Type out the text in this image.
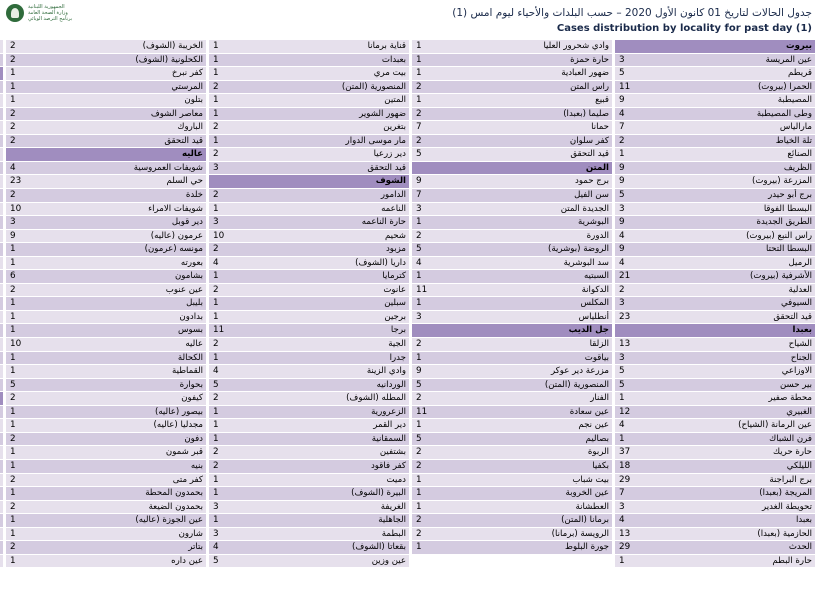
الجمهورية اللبنانية
وزارة الصحة العامة
برنامج الترصد الوبائي	جدول الحالات لتاريخ 01 كانون الأول 2020 – حسب البلدات والأحياء ليوم امس (1)
Cases distribution by locality for past day (1)
بيروت
عين المريسة
3
قريطم
5
الحمرا (بيروت)
11
المصيطبة
9
وطى المصيطبة
4
مارالياس
7
تلة الخياط
2
الصنائع
1
الظريف
9
المزرعة (بيروت)
9
برج أبو حيدر
5
البسطا الفوقا
3
الطريق الجديدة
9
راس النبع (بيروت)
4
البسطا التحتا
9
الرميل
4
الأشرفية (بيروت)
21
العدلية
2
السيوفي
3
قيد التحقق
23
بعبدا
الشياح
13
الجناح
3
الاوزاعي
5
بير حسن
5
محطة صفير
1
الغبيري
12
عين الرمانة (الشياح)
4
فرن الشباك
1
حارة حريك
37
الليلكي
18
برج البراجنة
29
المريجة (بعبدا)
7
تحويطة الغدير
3
بعبدا
4
الحازمية (بعبدا)
13
الحدث
29
حارة البطم
1
وادي شحرور العليا
1
حارة حمزة
1
ضهور العبادية
1
راس المتن
2
قبيع
1
صليما (بعبدا)
2
حمانا
7
كفر سلوان
2
قيد التحقق
5
المتن
برج حمود
9
سن الفيل
7
الجديدة المتن
3
البوشرية
1
الدورة
2
الروضة (بوشرية)
5
سد البوشرية
4
السبتيه
1
الدكوانة
11
المكلس
1
أنطلياس
3
جل الديب
الزلقا
2
بياقوت
1
مزرعة دير عوكر
9
المنصورية (المتن)
5
الفنار
2
عين سعادة
11
عين نجم
1
بصاليم
5
الربوة
2
بكفيا
2
بيت شباب
1
عين الخروبة
1
العطشانة
1
برمانا (المتن)
2
الرويسة (برمانا)
2
جورة البلوط
1
قناية برمانا
1
بعبدات
1
بيت مري
1
المنصورية (المتن)
2
المتين
1
ضهور الشوير
1
بتغرين
2
مار موسى الدوار
1
دير زرعيا
2
قيد التحقق
3
الشوف
الدامور
2
الناعمه
1
حارة الناعمه
3
شحيم
10
مزبود
2
داريا (الشوف)
4
كترمايا
1
عانوت
2
سبلين
1
برجين
1
برجا
11
الجية
2
جدرا
1
وادي الزينة
4
الوردانيه
5
المطله (الشوف)
2
الزعرورية
1
دير القمر
1
السمقانية
1
بشتفين
2
كفر فاقود
2
دميت
1
البيرة (الشوف)
1
الغريفة
3
الجاهلية
1
البطمة
3
بقعاتا (الشوف)
4
عين وزين
5
الخريبة (الشوف)
2
الكحلونية (الشوف)
2
كفر نبرخ
1
المرستي
1
بتلون
1
معاصر الشوف
2
الباروك
2
قيد التحقق
2
عاليه
شويفات العمروسية
4
حي السلم
23
خلدة
2
شويفات الامراء
10
دير قوبل
3
عرمون (عاليه)
9
مونسه (عرمون)
1
بعورته
1
بشامون
6
عين عنوب
2
بليبل
1
بدادون
1
بسوس
1
عاليه
10
الكحالة
1
القماطية
1
بحوارة
5
كيفون
2
بيصور (عاليه)
1
مجدليا (عاليه)
1
دفون
2
قبر شمون
1
بنيه
1
كفر متى
2
بحمدون المحطة
1
بحمدون الضيعة
2
عين الجوزة (عاليه)
1
شارون
1
بتاتر
2
عين داره
1
